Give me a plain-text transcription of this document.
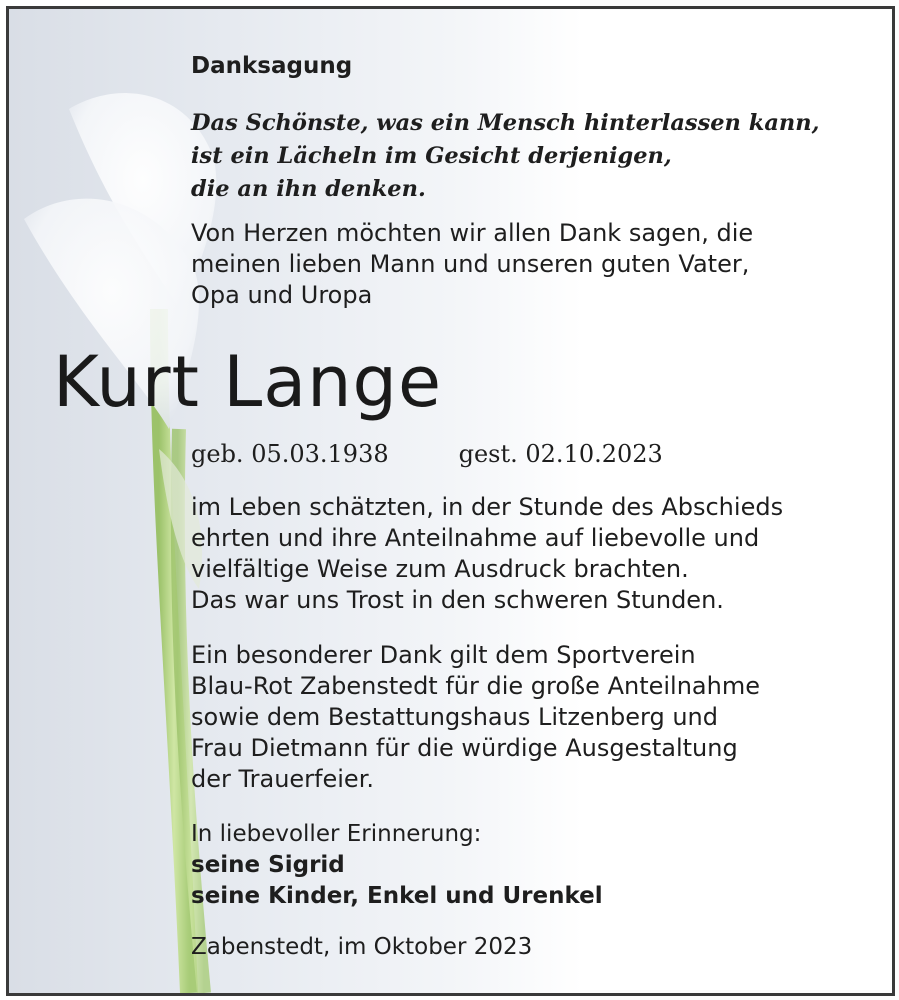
Danksagung
Das Schönste, was ein Mensch hinterlassen kann,
ist ein Lächeln im Gesicht derjenigen,
die an ihn denken.
Von Herzen möchten wir allen Dank sagen, die
meinen lieben Mann und unseren guten Vater,
Opa und Uropa
Kurt Lange
geb. 05.03.1938	gest. 02.10.2023
im Leben schätzten, in der Stunde des Abschieds
ehrten und ihre Anteilnahme auf liebevolle und
vielfältige Weise zum Ausdruck brachten.
Das war uns Trost in den schweren Stunden.
Ein besonderer Dank gilt dem Sportverein
Blau-Rot Zabenstedt für die große Anteilnahme
sowie dem Bestattungshaus Litzenberg und
Frau Dietmann für die würdige Ausgestaltung
der Trauerfeier.
In liebevoller Erinnerung:
seine Sigrid
seine Kinder, Enkel und Urenkel
Zabenstedt, im Oktober 2023
